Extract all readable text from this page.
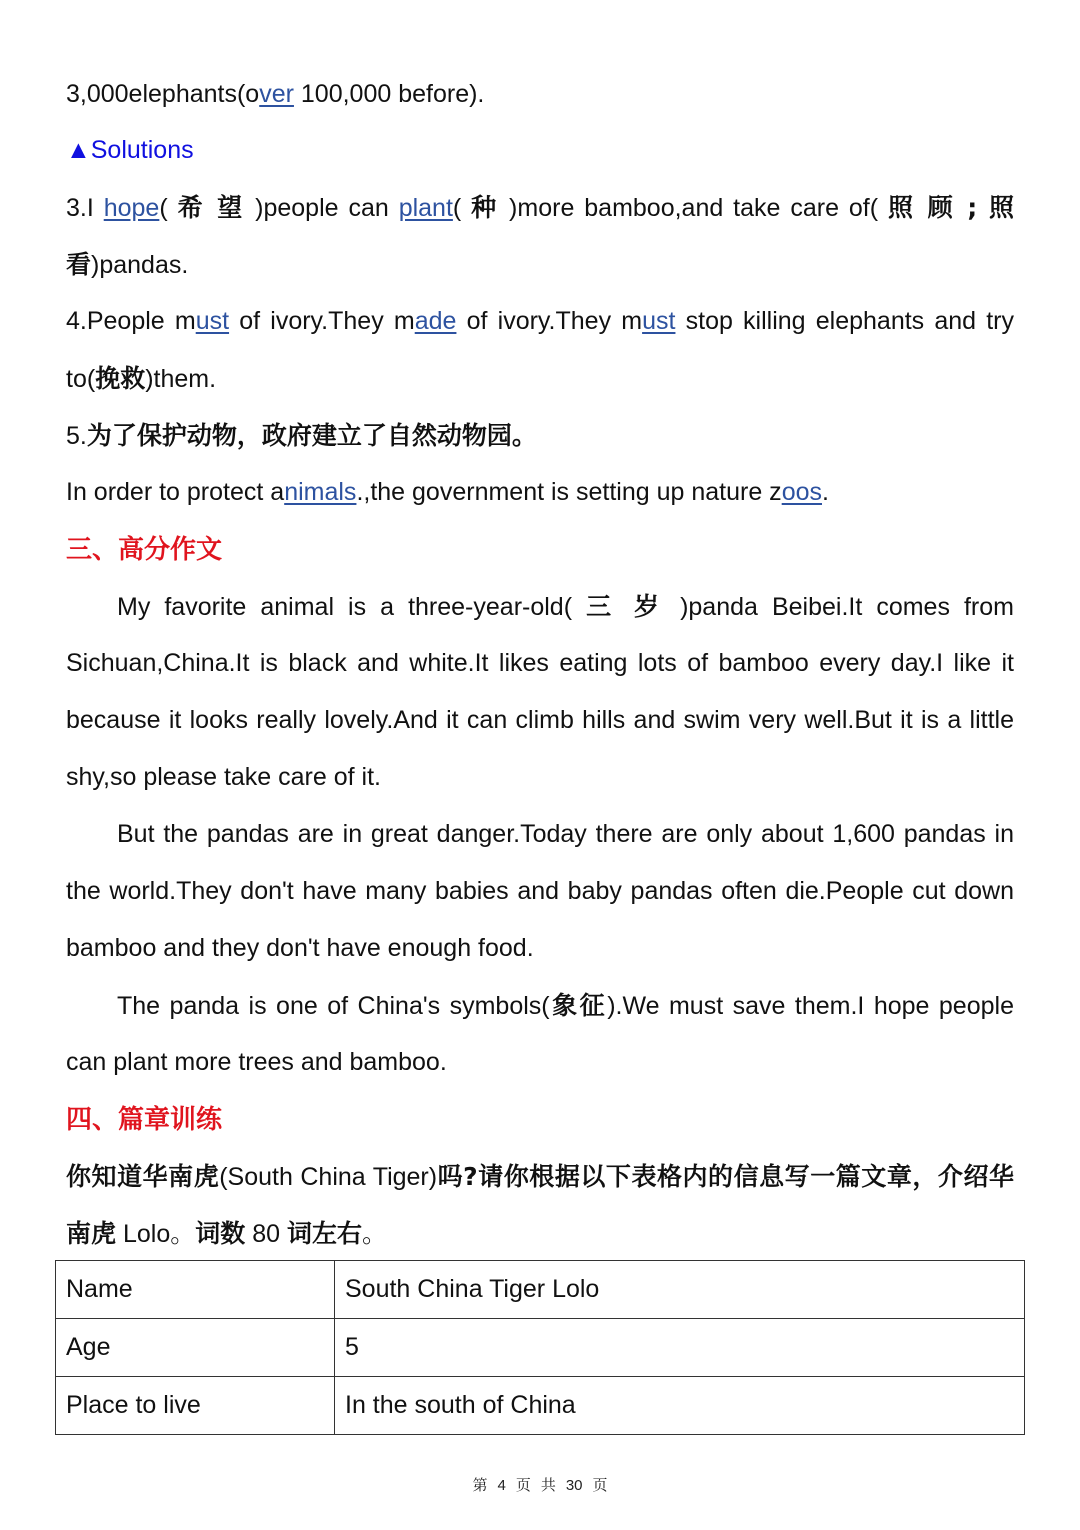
3,000elephants(over 100,000 before).
▲Solutions
3.I hope( 希 望 )people can plant( 种 )more bamboo,and take care of( 照 顾 ; 照
看)pandas.
4.People must of ivory.They made of ivory.They must stop killing elephants and try
to(挽救)them.
5.为了保护动物，政府建立了自然动物园。
In order to protect animals.,the government is setting up nature zoos.
三、高分作文
My favorite animal is a three-year-old( 三 岁 )panda Beibei.It comes from
Sichuan,China.It is black and white.It likes eating lots of bamboo every day.I like it
because it looks really lovely.And it can climb hills and swim very well.But it is a little
shy,so please take care of it.
But the pandas are in great danger.Today there are only about 1,600 pandas in
the world.They don't have many babies and baby pandas often die.People cut down
bamboo and they don't have enough food.
The panda is one of China's symbols(象征).We must save them.I hope people
can plant more trees and bamboo.
四、篇章训练
你知道华南虎(South China Tiger)吗?请你根据以下表格内的信息写一篇文章，介绍华
南虎 Lolo。词数 80 词左右。
Name	South China Tiger Lolo
Age	5
Place to live	In the south of China
第 4 页 共 30 页
